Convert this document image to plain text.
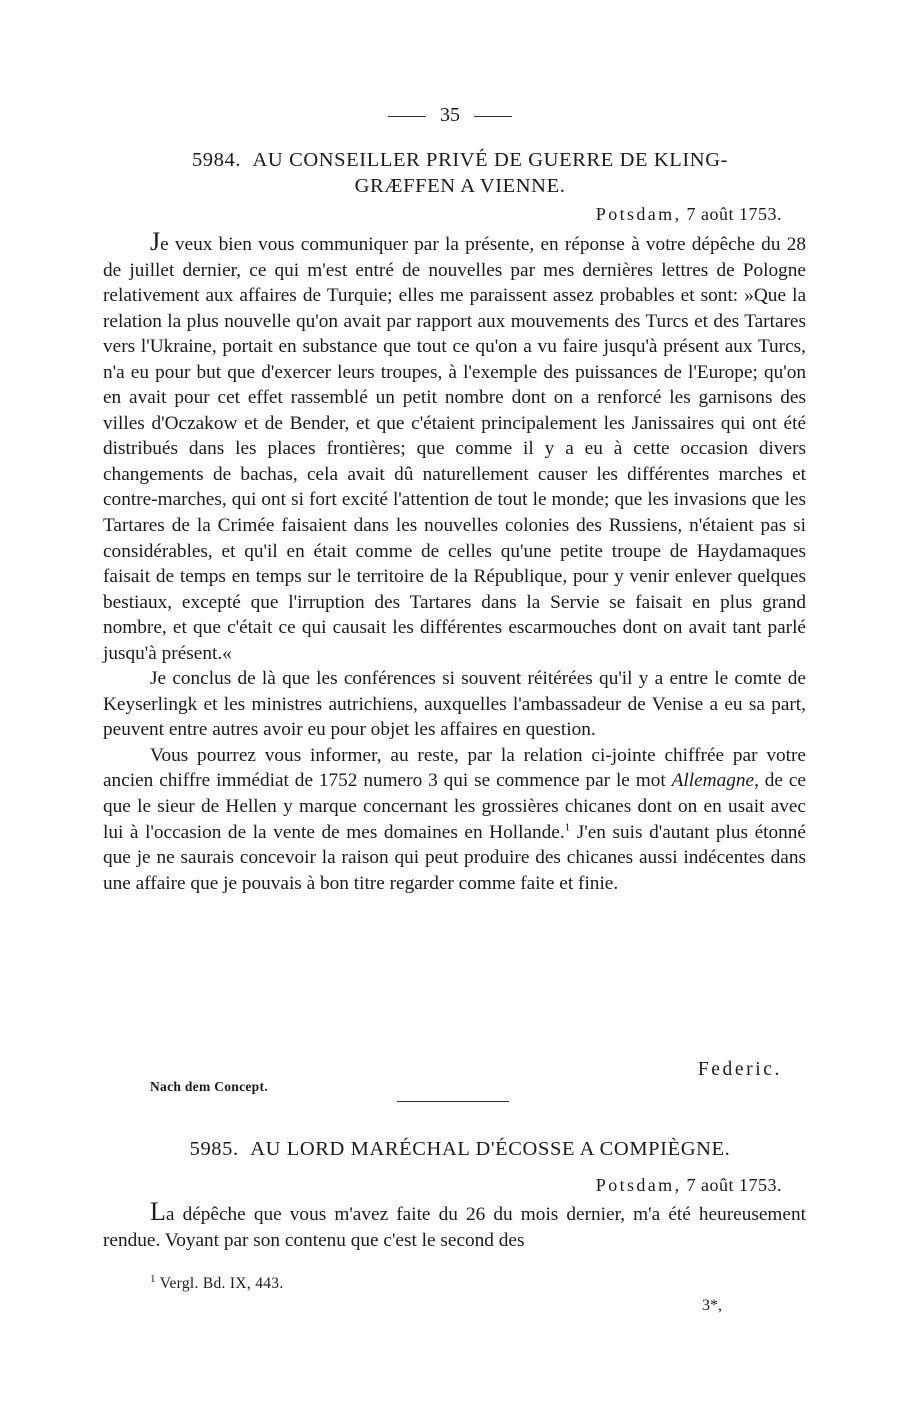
35
5984. AU CONSEILLER PRIVÉ DE GUERRE DE KLING-
GRÆFFEN A VIENNE.
Potsdam, 7 août 1753.

Je veux bien vous communiquer par la présente, en réponse à votre dépêche du 28 de juillet dernier, ce qui m'est entré de nouvelles par mes dernières lettres de Pologne relativement aux affaires de Turquie; elles me paraissent assez probables et sont: »Que la relation la plus nouvelle qu'on avait par rapport aux mouvements des Turcs et des Tartares vers l'Ukraine, portait en substance que tout ce qu'on a vu faire jusqu'à présent aux Turcs, n'a eu pour but que d'exercer leurs troupes, à l'exemple des puissances de l'Europe; qu'on en avait pour cet effet rassemblé un petit nombre dont on a renforcé les garnisons des villes d'Oczakow et de Bender, et que c'étaient principalement les Janissaires qui ont été distribués dans les places frontières; que comme il y a eu à cette occasion divers changements de bachas, cela avait dû naturellement causer les différentes marches et contre-marches, qui ont si fort excité l'attention de tout le monde; que les invasions que les Tartares de la Crimée faisaient dans les nouvelles colonies des Russiens, n'étaient pas si considérables, et qu'il en était comme de celles qu'une petite troupe de Haydamaques faisait de temps en temps sur le territoire de la République, pour y venir enlever quelques bestiaux, excepté que l'irruption des Tartares dans la Servie se faisait en plus grand nombre, et que c'était ce qui causait les différentes escarmouches dont on avait tant parlé jusqu'à présent.«

Je conclus de là que les conférences si souvent réitérées qu'il y a entre le comte de Keyserlingk et les ministres autrichiens, auxquelles l'ambassadeur de Venise a eu sa part, peuvent entre autres avoir eu pour objet les affaires en question.

Vous pourrez vous informer, au reste, par la relation ci-jointe chiffrée par votre ancien chiffre immédiat de 1752 numero 3 qui se commence par le mot Allemagne, de ce que le sieur de Hellen y marque concernant les grossières chicanes dont on en usait avec lui à l'occasion de la vente de mes domaines en Hollande.$^1$ J'en suis d'autant plus étonné que je ne saurais concevoir la raison qui peut produire des chicanes aussi indécentes dans une affaire que je pouvais à bon titre regarder comme faite et finie.

Federic.
Nach dem Concept.
5985. AU LORD MARÉCHAL D'ÉCOSSE A COMPIÈGNE.
Potsdam, 7 août 1753.

La dépêche que vous m'avez faite du 26 du mois dernier, m'a été heureusement rendue. Voyant par son contenu que c'est le second des

$^1$ Vergl. Bd. IX, 443.
3*,
